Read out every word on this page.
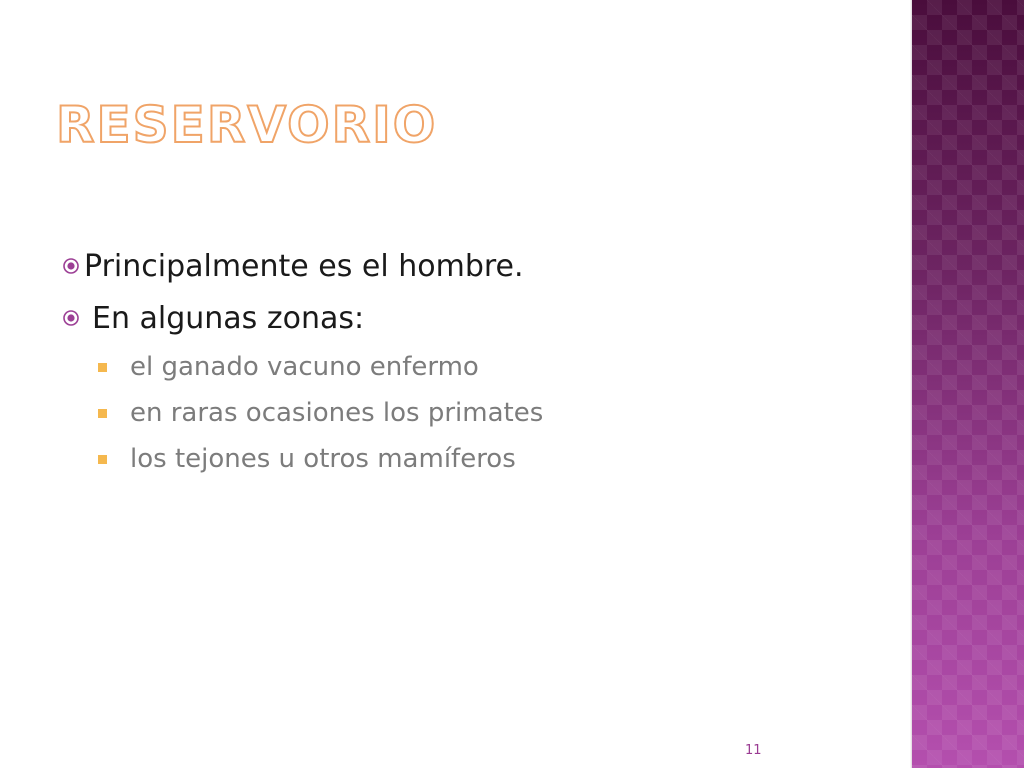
RESERVORIO
Principalmente es el hombre.
En algunas zonas:
el ganado vacuno enfermo
en raras ocasiones los primates
los tejones u otros mamíferos
11
